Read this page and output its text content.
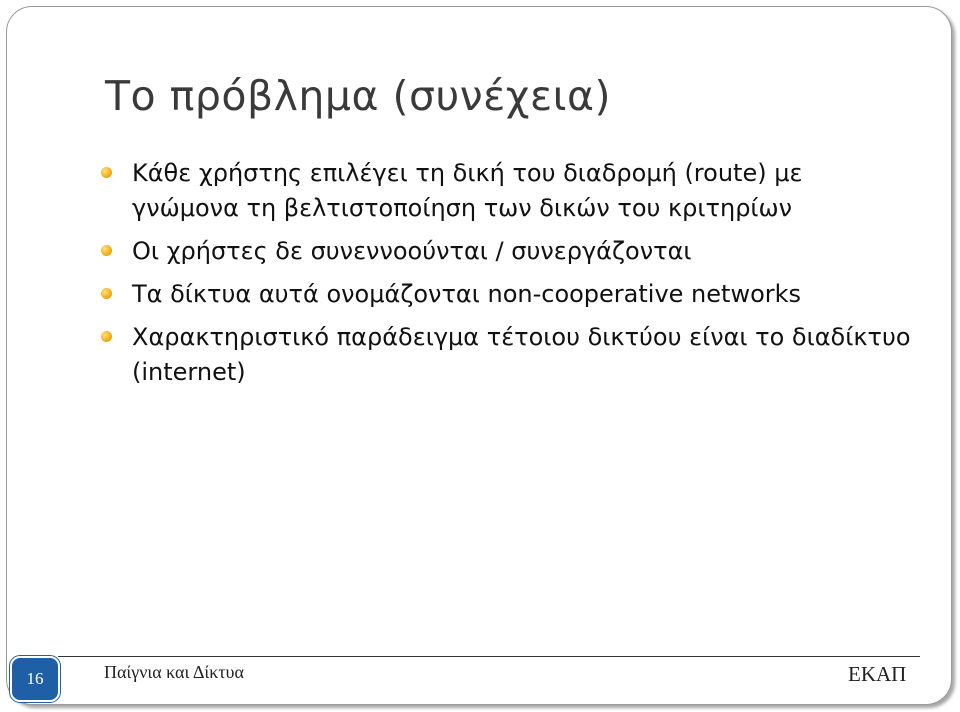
Το πρόβλημα (συνέχεια)
Κάθε χρήστης επιλέγει τη δική του διαδρομή (route) με γνώμονα τη βελτιστοποίηση των δικών του κριτηρίων
Οι χρήστες δε συνεννοούνται / συνεργάζονται
Τα δίκτυα αυτά ονομάζονται non-cooperative networks
Χαρακτηριστικό παράδειγμα τέτοιου δικτύου είναι το διαδίκτυο (internet)
16	Παίγνια και Δίκτυα	ΕΚΑΠ
